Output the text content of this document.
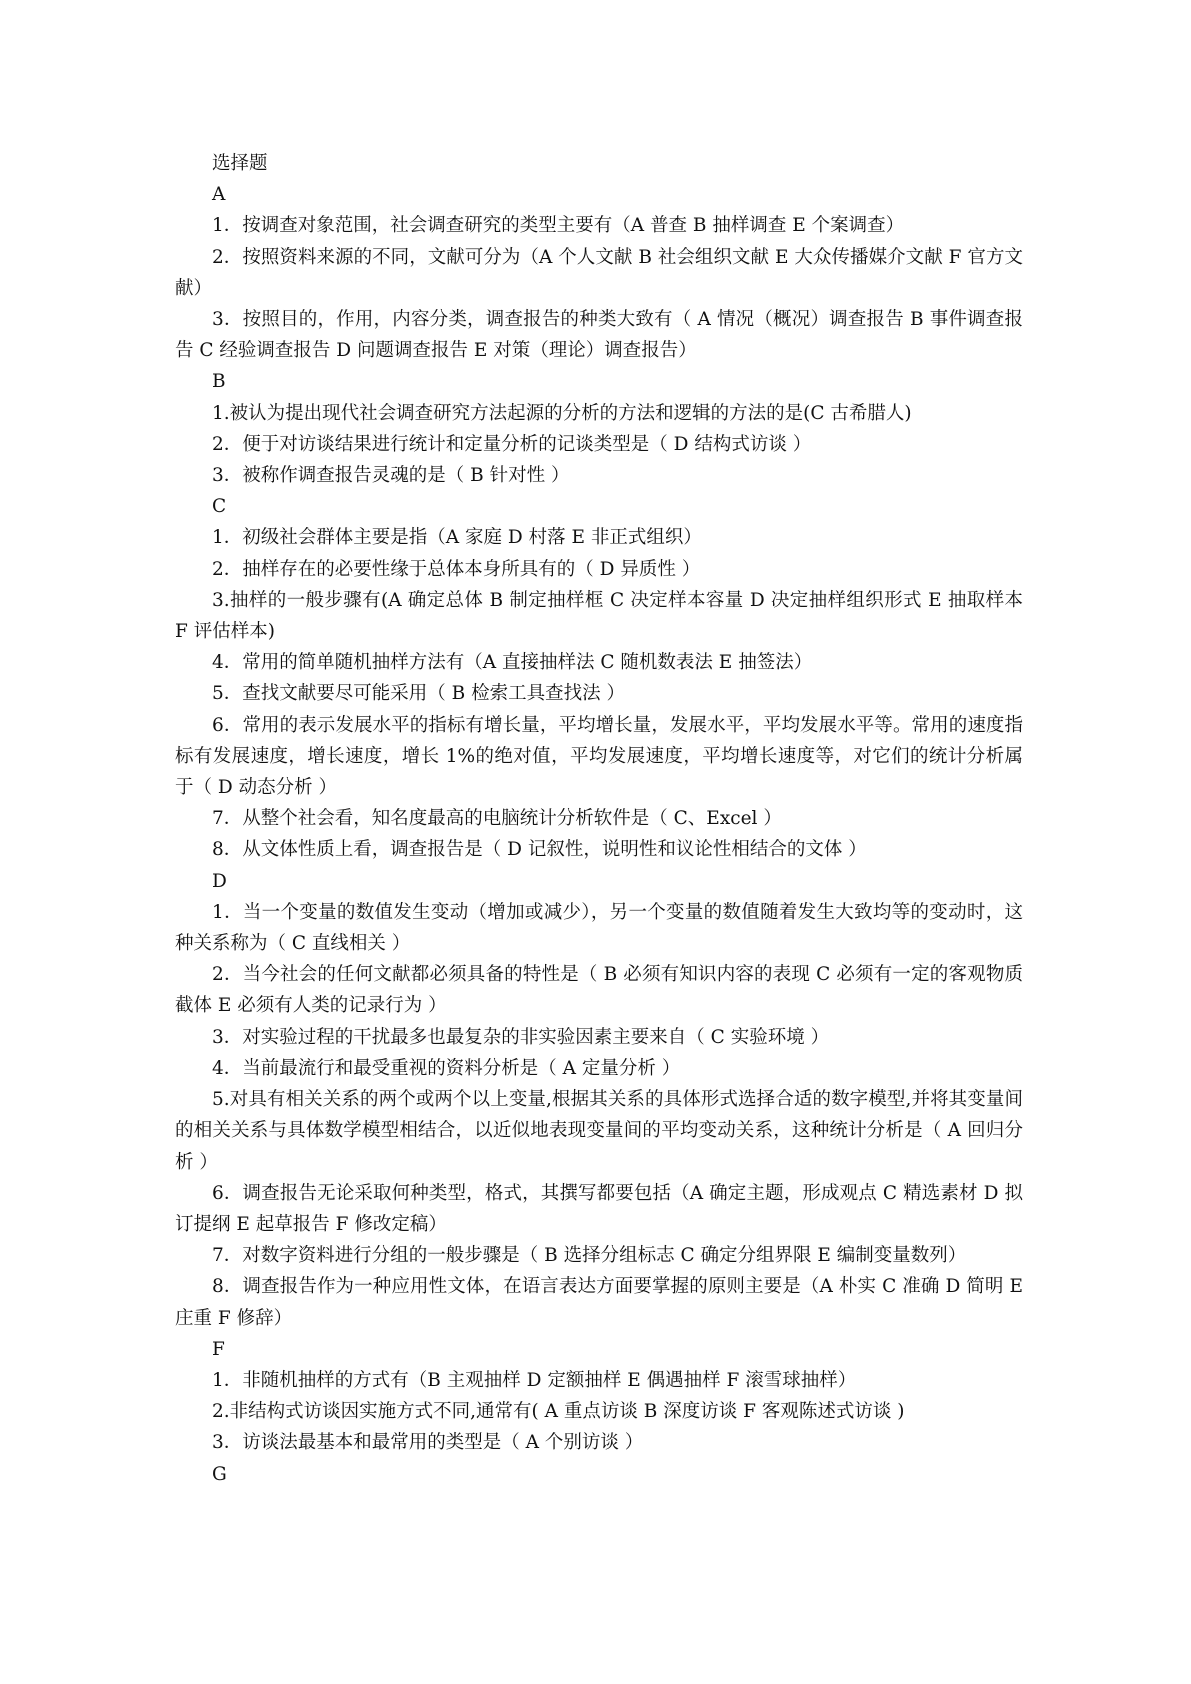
选择题

A

1．按调查对象范围，社会调查研究的类型主要有（A 普查 B 抽样调查 E 个案调查）

2．按照资料来源的不同，文献可分为（A 个人文献 B 社会组织文献 E 大众传播媒介文献 F 官方文献）

3．按照目的，作用，内容分类，调查报告的种类大致有（ A 情况（概况）调查报告 B 事件调查报告 C 经验调查报告 D 问题调查报告 E 对策（理论）调查报告）

B

1.被认为提出现代社会调查研究方法起源的分析的方法和逻辑的方法的是(C 古希腊人)

2．便于对访谈结果进行统计和定量分析的记谈类型是（ D 结构式访谈 ）

3．被称作调查报告灵魂的是（ B 针对性 ）

C

1．初级社会群体主要是指（A 家庭 D 村落 E 非正式组织）

2．抽样存在的必要性缘于总体本身所具有的（ D 异质性 ）

3.抽样的一般步骤有(A 确定总体 B 制定抽样框 C 决定样本容量 D 决定抽样组织形式 E 抽取样本 F 评估样本)

4．常用的简单随机抽样方法有（A 直接抽样法 C 随机数表法 E 抽签法）

5．查找文献要尽可能采用（ B 检索工具查找法 ）

6．常用的表示发展水平的指标有增长量，平均增长量，发展水平，平均发展水平等。常用的速度指标有发展速度，增长速度，增长 1%的绝对值，平均发展速度，平均增长速度等，对它们的统计分析属于（ D 动态分析 ）

7．从整个社会看，知名度最高的电脑统计分析软件是（ C、Excel ）

8．从文体性质上看，调查报告是（ D 记叙性，说明性和议论性相结合的文体 ）

D

1．当一个变量的数值发生变动（增加或减少），另一个变量的数值随着发生大致均等的变动时，这种关系称为（ C 直线相关 ）

2．当今社会的任何文献都必须具备的特性是（ B 必须有知识内容的表现 C 必须有一定的客观物质截体 E 必须有人类的记录行为 ）

3．对实验过程的干扰最多也最复杂的非实验因素主要来自（ C 实验环境 ）

4．当前最流行和最受重视的资料分析是（ A 定量分析 ）

5.对具有相关关系的两个或两个以上变量,根据其关系的具体形式选择合适的数字模型,并将其变量间的相关关系与具体数学模型相结合，以近似地表现变量间的平均变动关系，这种统计分析是（ A 回归分析 ）

6．调查报告无论采取何种类型，格式，其撰写都要包括（A 确定主题，形成观点 C 精选素材 D 拟订提纲 E 起草报告 F 修改定稿）

7．对数字资料进行分组的一般步骤是（ B 选择分组标志 C 确定分组界限 E 编制变量数列）

8．调查报告作为一种应用性文体，在语言表达方面要掌握的原则主要是（A 朴实 C 准确 D 简明 E 庄重 F 修辞）

F

1．非随机抽样的方式有（B 主观抽样 D 定额抽样 E 偶遇抽样 F 滚雪球抽样）

2.非结构式访谈因实施方式不同,通常有( A 重点访谈 B 深度访谈 F 客观陈述式访谈 )

3．访谈法最基本和最常用的类型是（ A 个别访谈 ）

G
